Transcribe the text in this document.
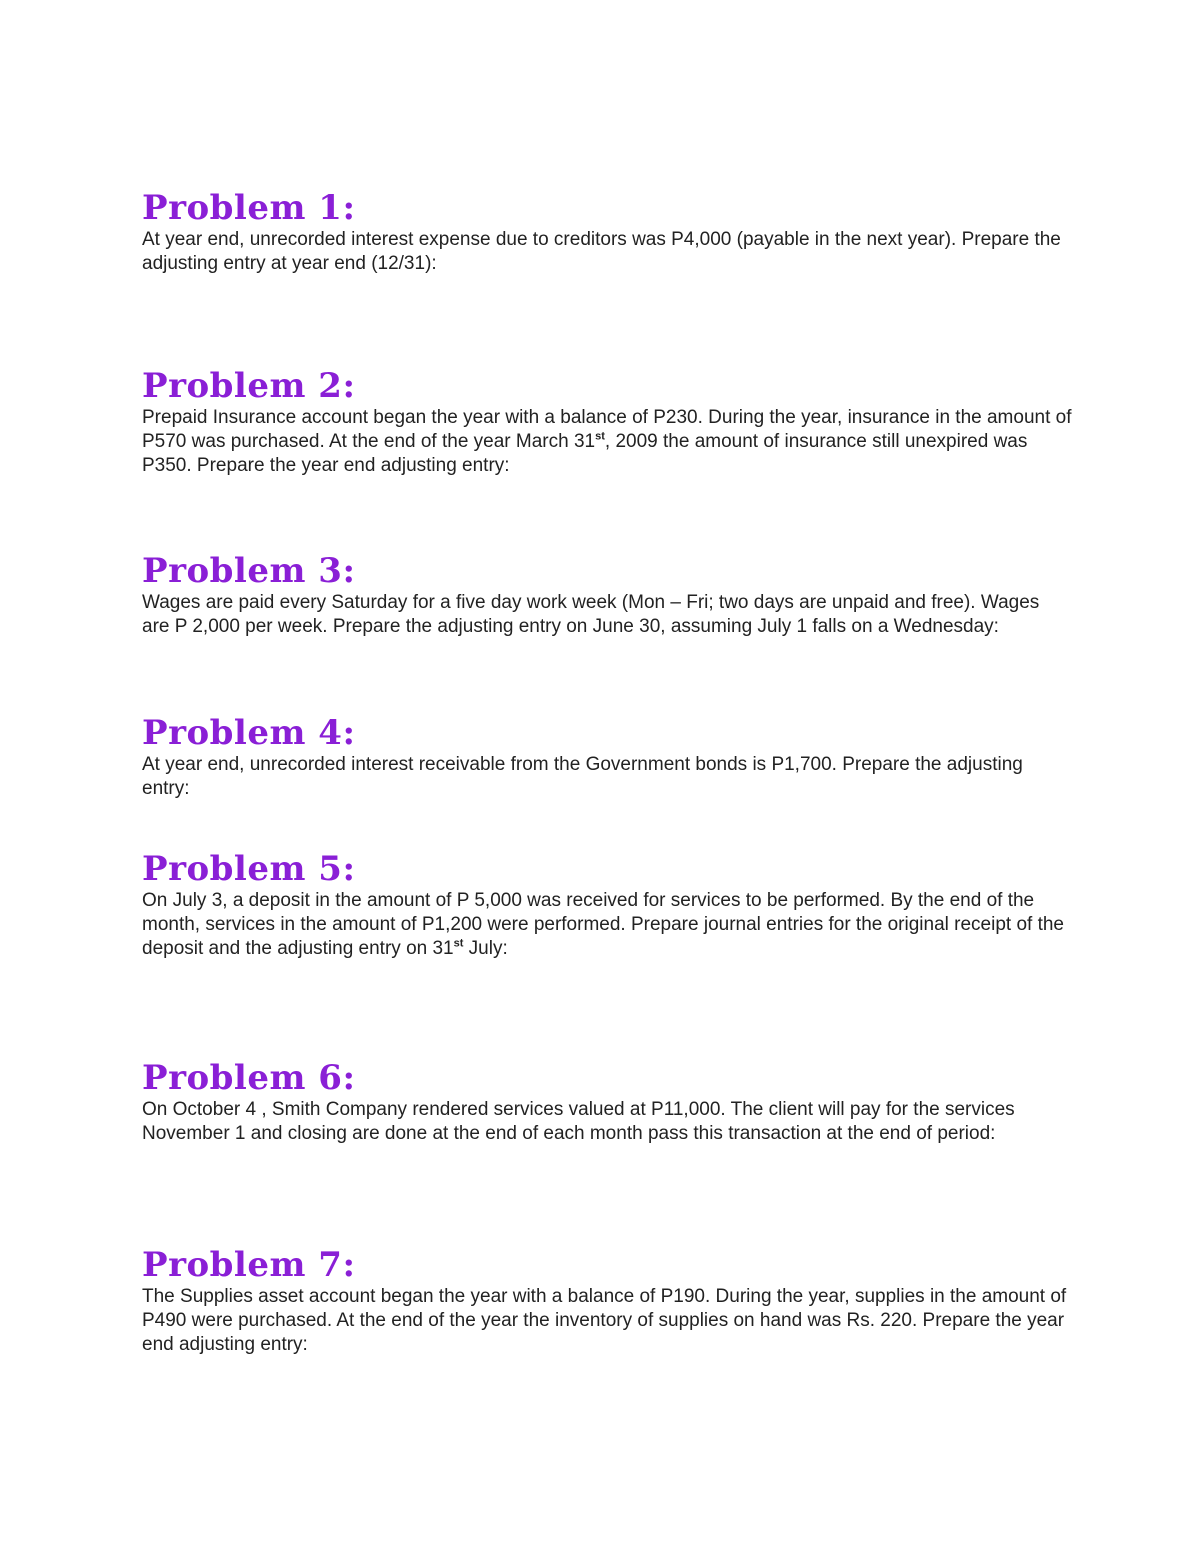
Problem 1:

At year end, unrecorded interest expense due to creditors was P4,000 (payable in the next year). Prepare the adjusting entry at year end (12/31):

Problem 2:

Prepaid Insurance account began the year with a balance of P230. During the year, insurance in the amount of P570 was purchased. At the end of the year March 31st, 2009 the amount of insurance still unexpired was P350. Prepare the year end adjusting entry:

Problem 3:

Wages are paid every Saturday for a five day work week (Mon – Fri; two days are unpaid and free). Wages are P 2,000 per week. Prepare the adjusting entry on June 30, assuming July 1 falls on a Wednesday:

Problem 4:

At year end, unrecorded interest receivable from the Government bonds is P1,700. Prepare the adjusting entry:

Problem 5:

On July 3, a deposit in the amount of P 5,000 was received for services to be performed. By the end of the month, services in the amount of P1,200 were performed. Prepare journal entries for the original receipt of the deposit and the adjusting entry on 31st July:

Problem 6:

On October 4 , Smith Company rendered services valued at P11,000. The client will pay for the services November 1 and closing are done at the end of each month pass this transaction at the end of period:

Problem 7:

The Supplies asset account began the year with a balance of P190. During the year, supplies in the amount of P490 were purchased. At the end of the year the inventory of supplies on hand was Rs. 220. Prepare the year end adjusting entry:
